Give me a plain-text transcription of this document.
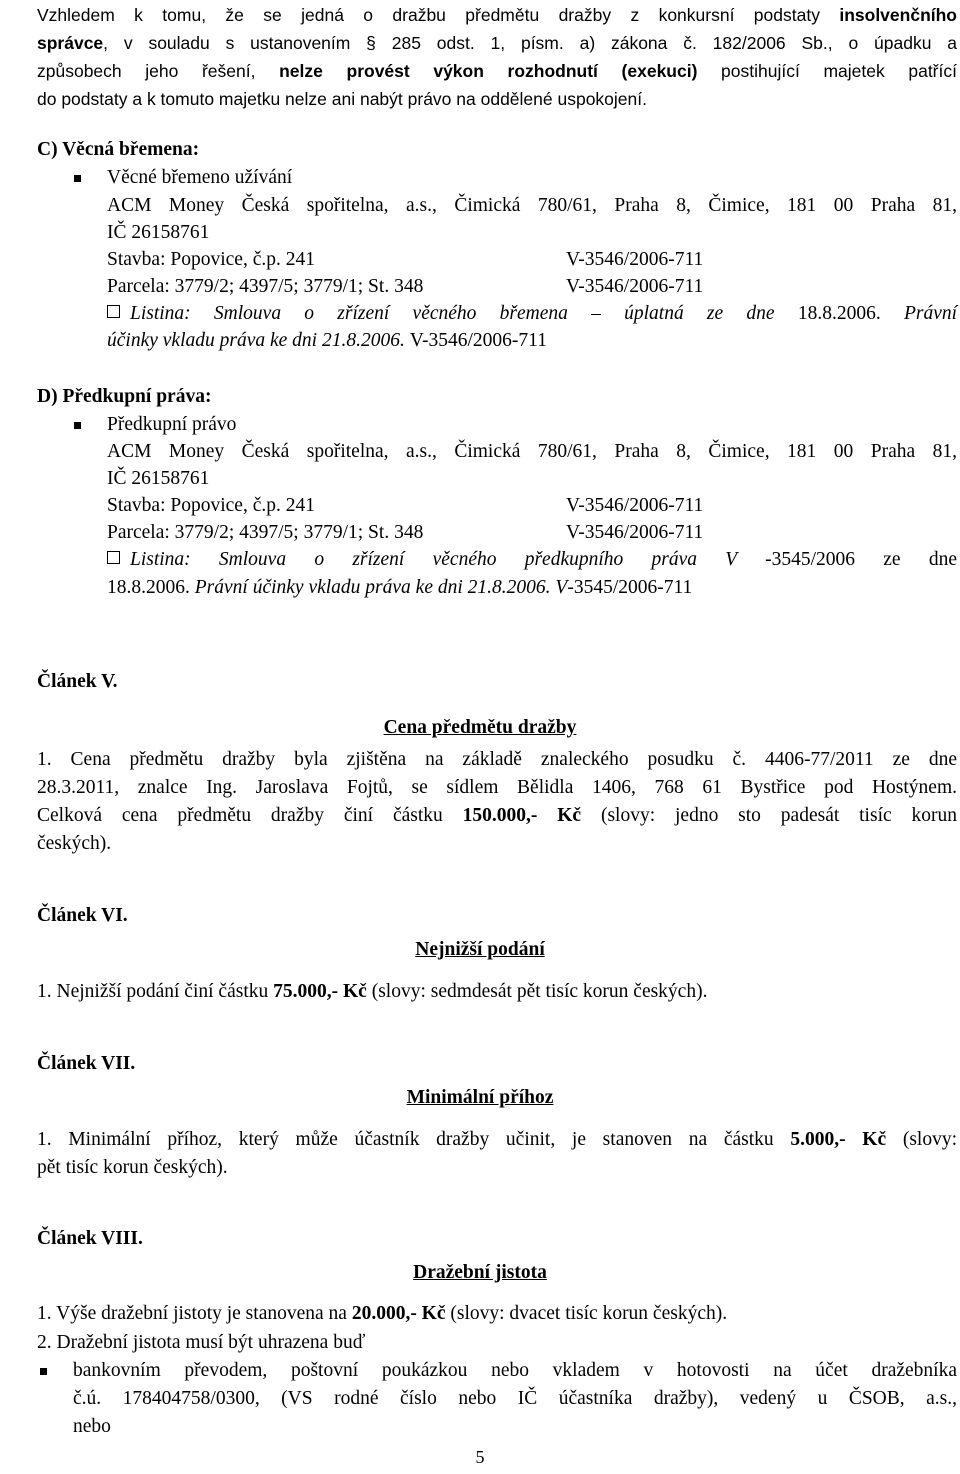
Vzhledem k tomu, že se jedná o dražbu předmětu dražby z konkursní podstaty insolvenčního
správce, v souladu s ustanovením § 285 odst. 1, písm. a) zákona č. 182/2006 Sb., o úpadku a
způsobech jeho řešení, nelze provést výkon rozhodnutí (exekuci) postihující majetek patřící
do podstaty a k tomuto majetku nelze ani nabýt právo na oddělené uspokojení.
C) Věcná břemena:
Věcné břemeno užívání
ACM Money Česká spořitelna, a.s., Čimická 780/61, Praha 8, Čimice, 181 00 Praha 81,
IČ 26158761
Stavba: Popovice, č.p. 241	V-3546/2006-711
Parcela: 3779/2; 4397/5; 3779/1; St. 348	V-3546/2006-711
Listina: Smlouva o zřízení věcného břemena – úplatná ze dne 18.8.2006. Právní
účinky vkladu práva ke dni 21.8.2006. V-3546/2006-711
D) Předkupní práva:
Předkupní právo
ACM Money Česká spořitelna, a.s., Čimická 780/61, Praha 8, Čimice, 181 00 Praha 81,
IČ 26158761
Stavba: Popovice, č.p. 241	V-3546/2006-711
Parcela: 3779/2; 4397/5; 3779/1; St. 348	V-3546/2006-711
Listina: Smlouva o zřízení věcného předkupního práva V -3545/2006 ze dne
18.8.2006. Právní účinky vkladu práva ke dni 21.8.2006. V-3545/2006-711
Článek V.
Cena předmětu dražby
1. Cena předmětu dražby byla zjištěna na základě znaleckého posudku č. 4406-77/2011 ze dne
28.3.2011, znalce Ing. Jaroslava Fojtů, se sídlem Bělidla 1406, 768 61 Bystřice pod Hostýnem.
Celková cena předmětu dražby činí částku 150.000,- Kč (slovy: jedno sto padesát tisíc korun
českých).
Článek VI.
Nejnižší podání
1. Nejnižší podání činí částku 75.000,- Kč (slovy: sedmdesát pět tisíc korun českých).
Článek VII.
Minimální příhoz
1. Minimální příhoz, který může účastník dražby učinit, je stanoven na částku 5.000,- Kč (slovy:
pět tisíc korun českých).
Článek VIII.
Dražební jistota
1. Výše dražební jistoty je stanovena na 20.000,- Kč (slovy: dvacet tisíc korun českých).
2. Dražební jistota musí být uhrazena buď
bankovním převodem, poštovní poukázkou nebo vkladem v hotovosti na účet dražebníka
č.ú. 178404758/0300, (VS rodné číslo nebo IČ účastníka dražby), vedený u ČSOB, a.s.,
nebo
5
